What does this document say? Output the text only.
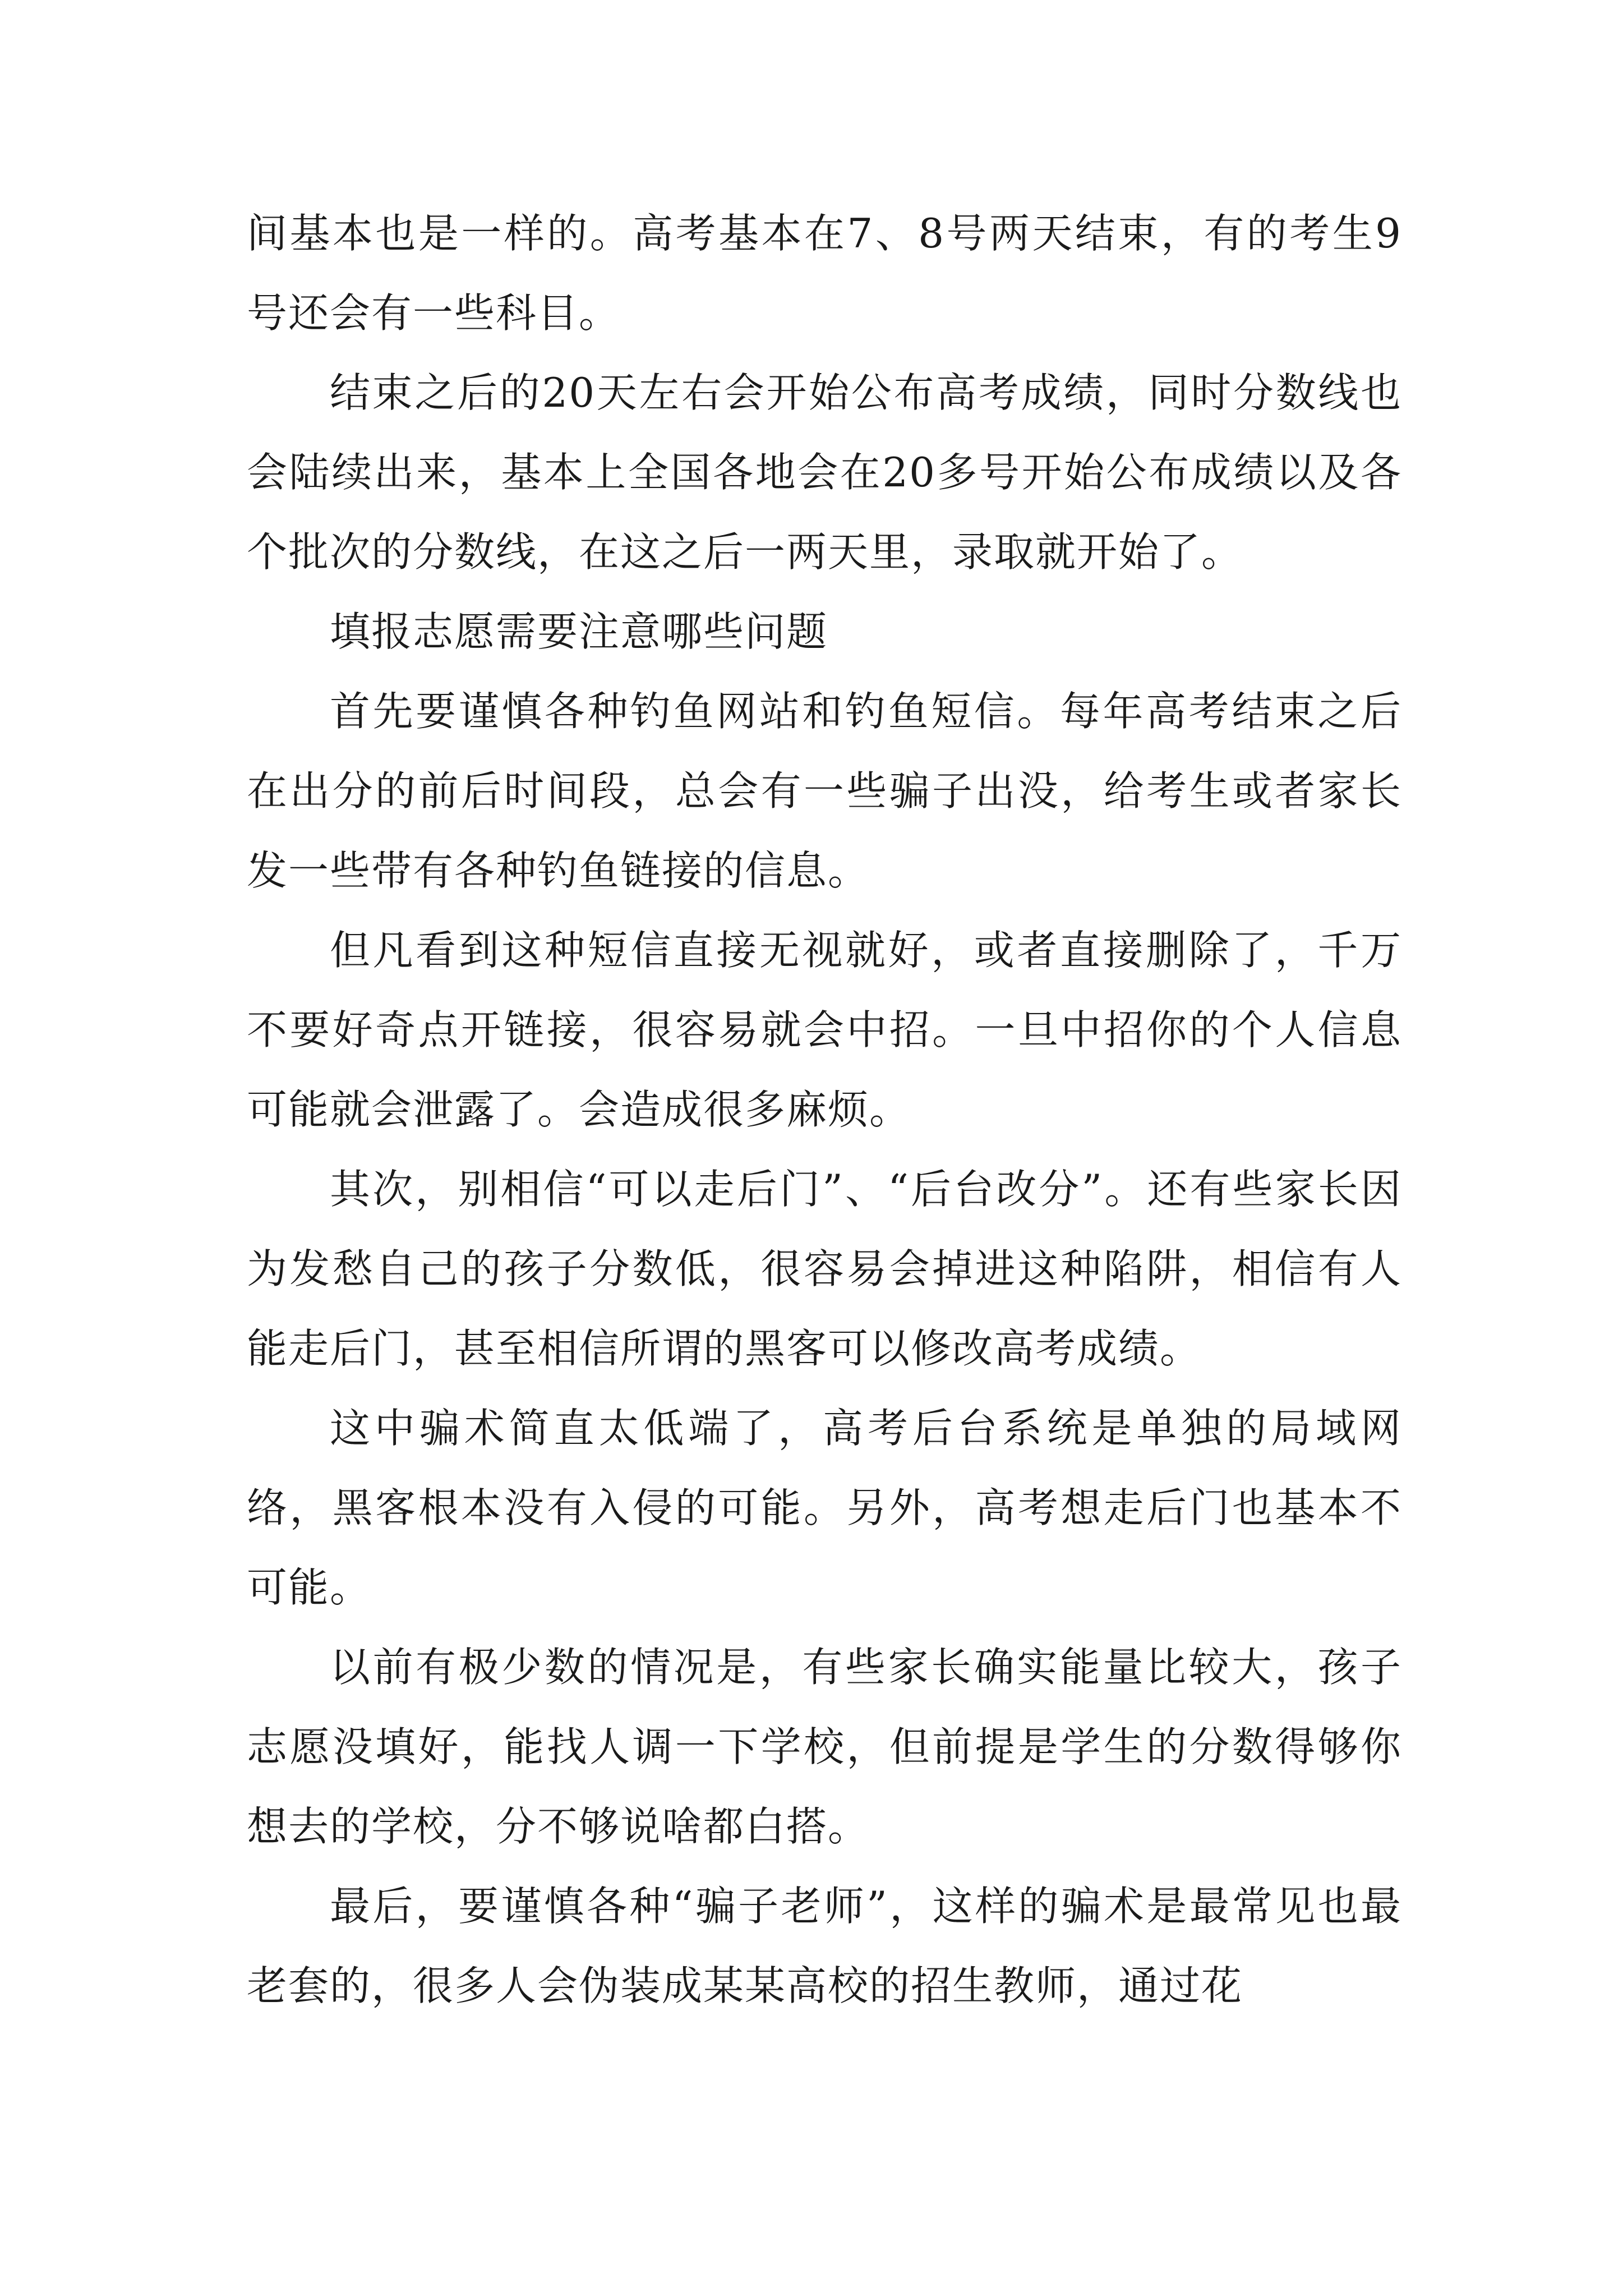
间基本也是一样的。高考基本在7、8号两天结束，有的考生9号还会有一些科目。

结束之后的20天左右会开始公布高考成绩，同时分数线也会陆续出来，基本上全国各地会在20多号开始公布成绩以及各个批次的分数线，在这之后一两天里，录取就开始了。

填报志愿需要注意哪些问题

首先要谨慎各种钓鱼网站和钓鱼短信。每年高考结束之后在出分的前后时间段，总会有一些骗子出没，给考生或者家长发一些带有各种钓鱼链接的信息。

但凡看到这种短信直接无视就好，或者直接删除了，千万不要好奇点开链接，很容易就会中招。一旦中招你的个人信息可能就会泄露了。会造成很多麻烦。

其次，别相信“可以走后门”、“后台改分”。还有些家长因为发愁自己的孩子分数低，很容易会掉进这种陷阱，相信有人能走后门，甚至相信所谓的黑客可以修改高考成绩。

这中骗术简直太低端了，高考后台系统是单独的局域网络，黑客根本没有入侵的可能。另外，高考想走后门也基本不可能。

以前有极少数的情况是，有些家长确实能量比较大，孩子志愿没填好，能找人调一下学校，但前提是学生的分数得够你想去的学校，分不够说啥都白搭。

最后，要谨慎各种“骗子老师”，这样的骗术是最常见也最老套的，很多人会伪装成某某高校的招生教师，通过花
